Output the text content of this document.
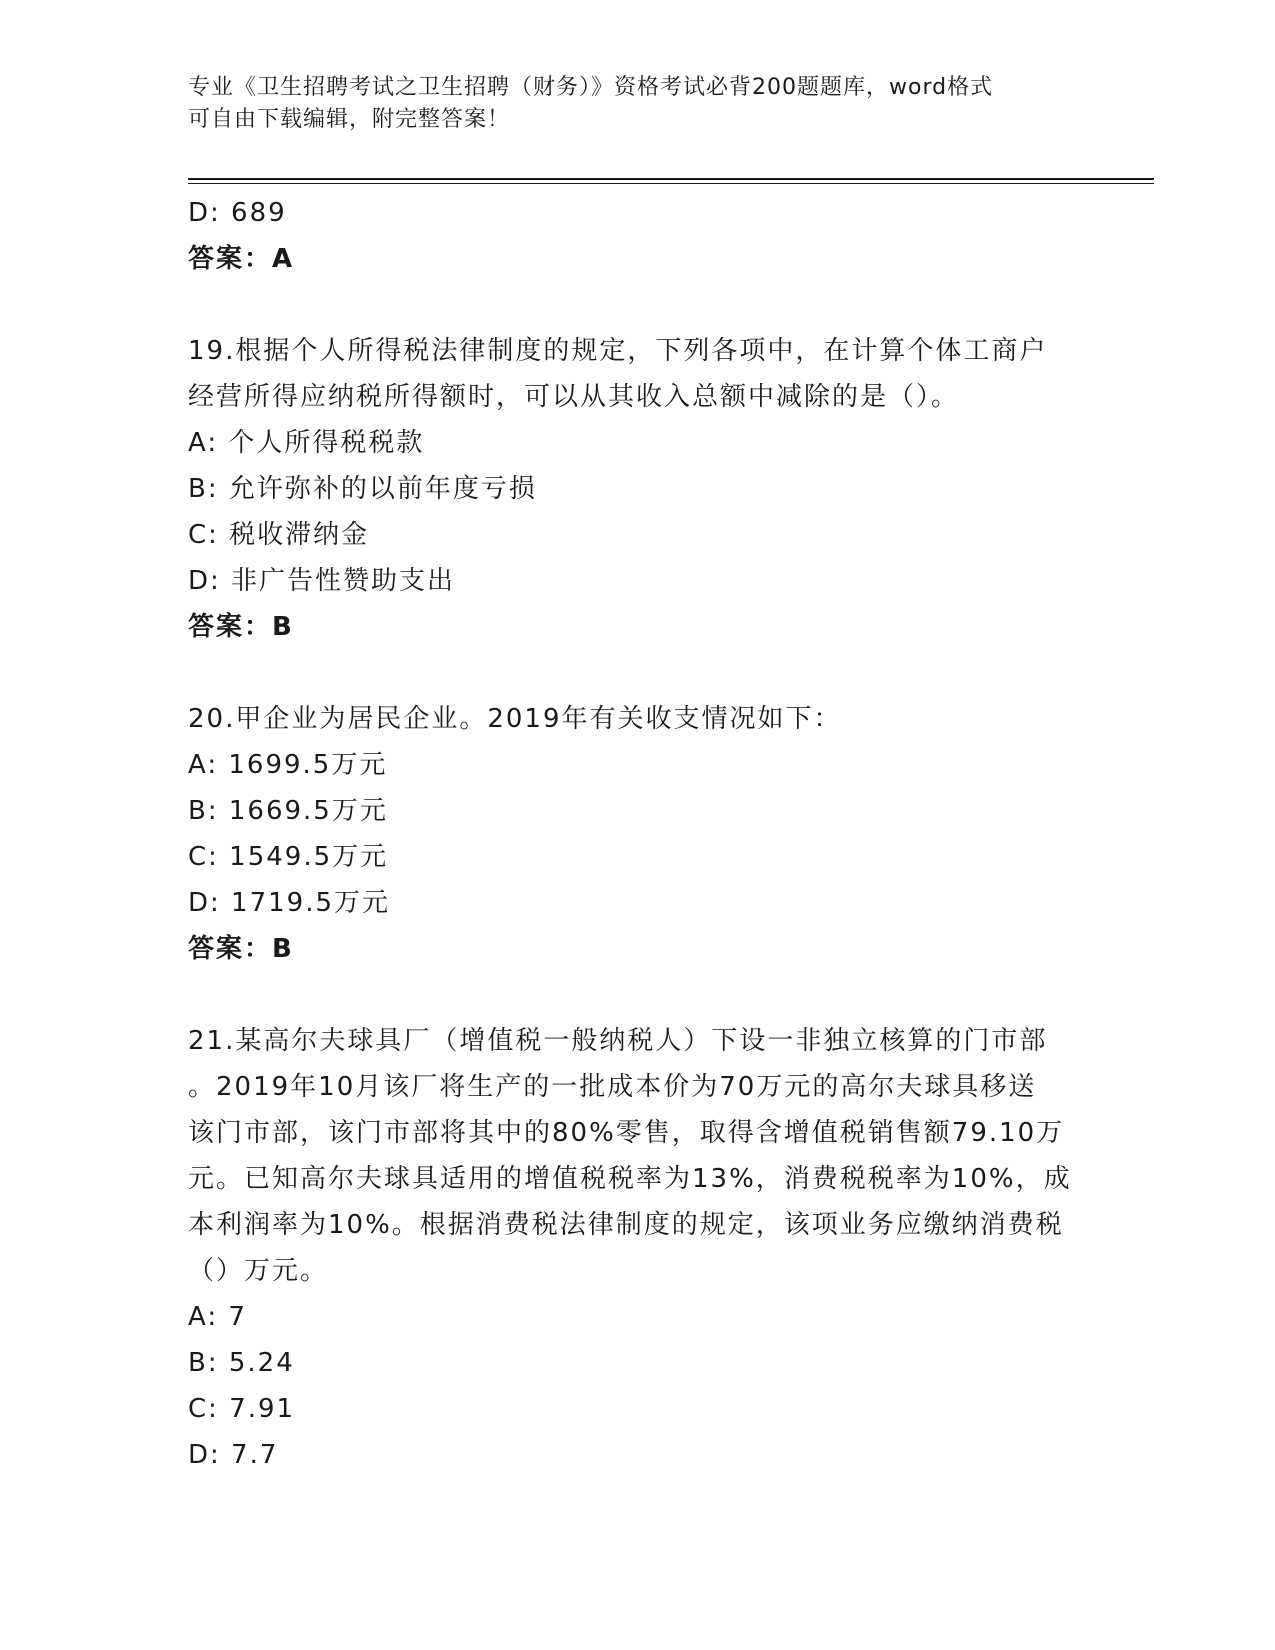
专业《卫生招聘考试之卫生招聘（财务）》资格考试必背200题题库，word格式
可自由下载编辑，附完整答案！
D: 689
答案：A
19.根据个人所得税法律制度的规定，下列各项中，在计算个体工商户
经营所得应纳税所得额时，可以从其收入总额中减除的是（）。
A: 个人所得税税款
B: 允许弥补的以前年度亏损
C: 税收滞纳金
D: 非广告性赞助支出
答案：B
20.甲企业为居民企业。2019年有关收支情况如下：
A: 1699.5万元
B: 1669.5万元
C: 1549.5万元
D: 1719.5万元
答案：B
21.某高尔夫球具厂（增值税一般纳税人）下设一非独立核算的门市部
。2019年10月该厂将生产的一批成本价为70万元的高尔夫球具移送
该门市部，该门市部将其中的80%零售，取得含增值税销售额79.10万
元。已知高尔夫球具适用的增值税税率为13%，消费税税率为10%，成
本利润率为10%。根据消费税法律制度的规定，该项业务应缴纳消费税
（）万元。
A: 7
B: 5.24
C: 7.91
D: 7.7
